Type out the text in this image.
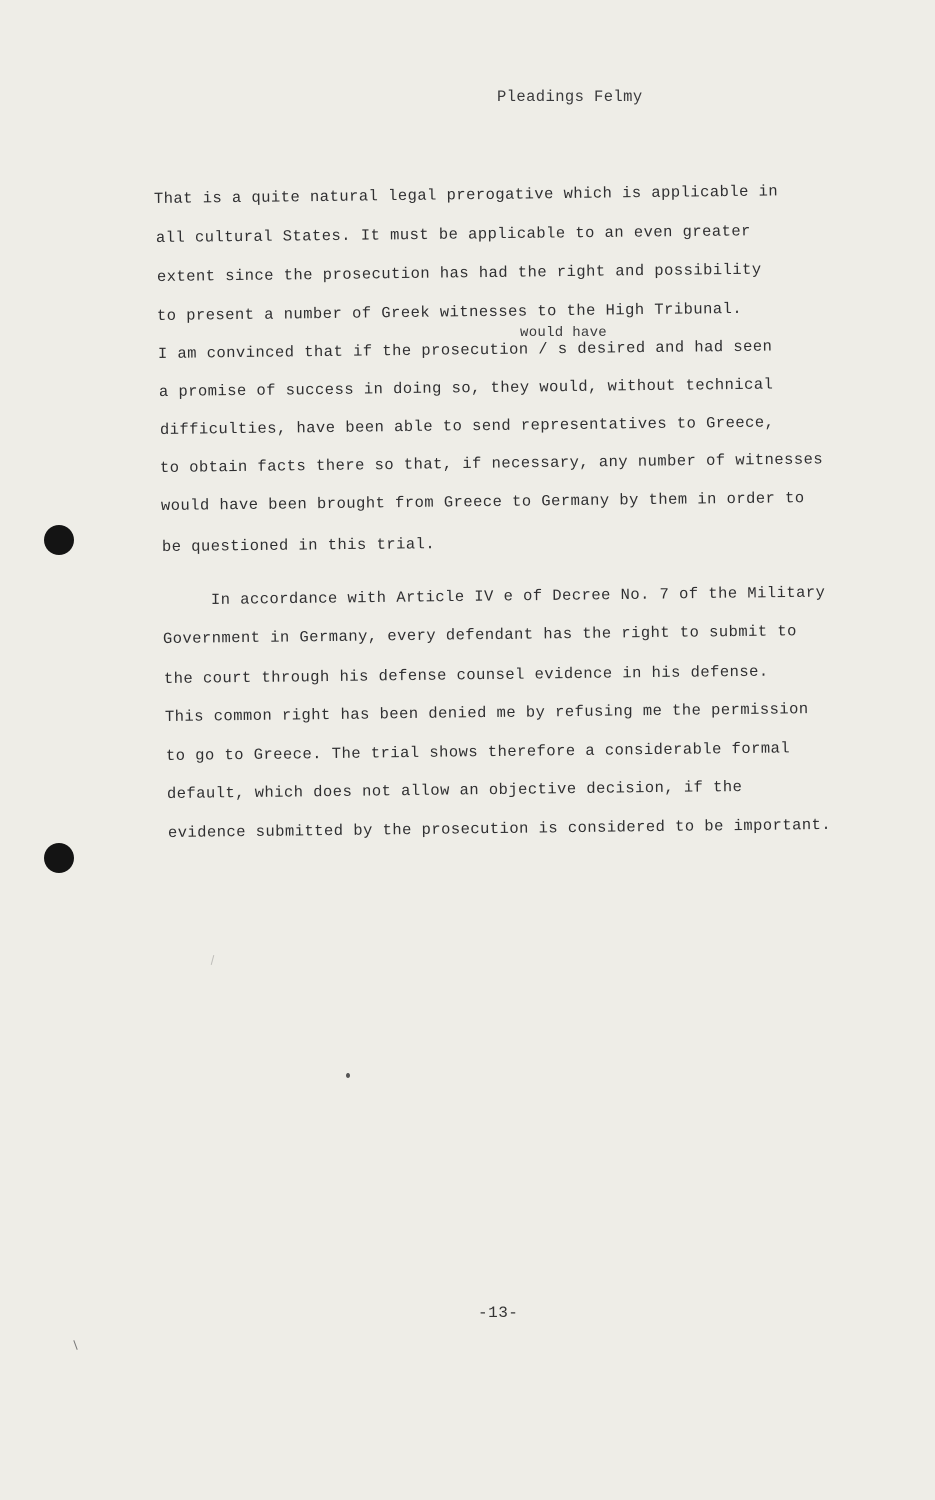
Pleadings Felmy
That is a quite natural legal prerogative which is applicable in
all cultural States. It must be applicable to an even greater
extent since the prosecution has had the right and possibility
to present a number of Greek witnesses to the High Tribunal.
would have
I am convinced that if the prosecution / s desired and had seen
a promise of success in doing so, they would, without technical
difficulties, have been able to send representatives to Greece,
to obtain facts there so that, if necessary, any number of witnesses
would have been brought from Greece to Germany by them in order to
be questioned in this trial.
In accordance with Article IV e of Decree No. 7 of the Military
Government in Germany, every defendant has the right to submit to
the court through his defense counsel evidence in his defense.
This common right has been denied me by refusing me the permission
to go to Greece. The trial shows therefore a considerable formal
default, which does not allow an objective decision, if the
evidence submitted by the prosecution is considered to be important.
-13-
